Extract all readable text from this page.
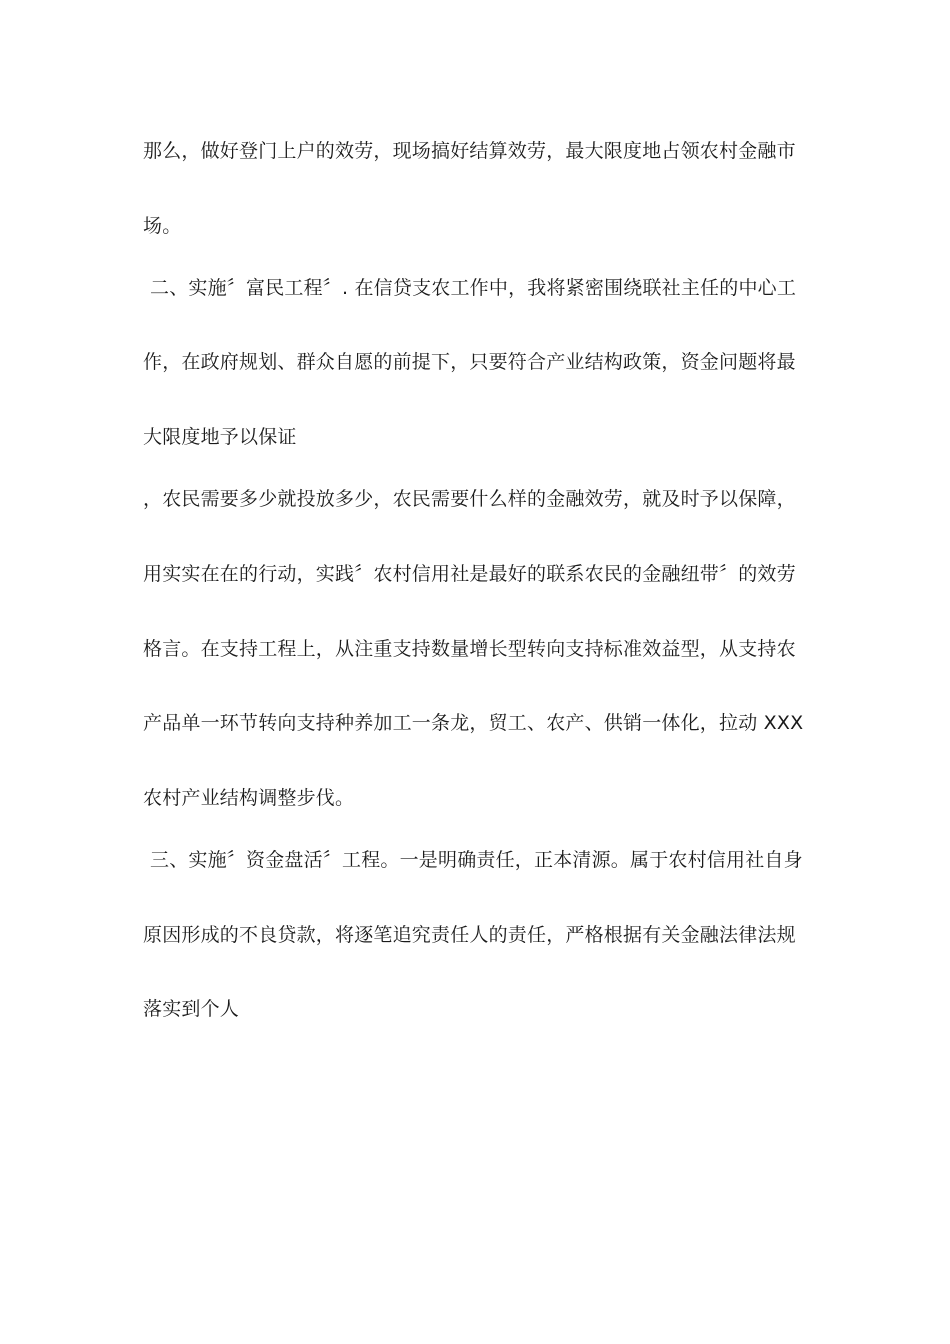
那么，做好登门上户的效劳，现场搞好结算效劳，最大限度地占领农村金融市
场。
二、实施〞富民工程〞. 在信贷支农工作中，我将紧密围绕联社主任的中心工
作，在政府规划、群众自愿的前提下，只要符合产业结构政策，资金问题将最
大限度地予以保证
，农民需要多少就投放多少，农民需要什么样的金融效劳，就及时予以保障，
用实实在在的行动，实践〞农村信用社是最好的联系农民的金融纽带〞的效劳
格言。在支持工程上，从注重支持数量增长型转向支持标准效益型，从支持农
产品单一环节转向支持种养加工一条龙，贸工、农产、供销一体化，拉动 XXX
农村产业结构调整步伐。
三、实施〞资金盘活〞工程。一是明确责任，正本清源。属于农村信用社自身
原因形成的不良贷款，将逐笔追究责任人的责任，严格根据有关金融法律法规
落实到个人
